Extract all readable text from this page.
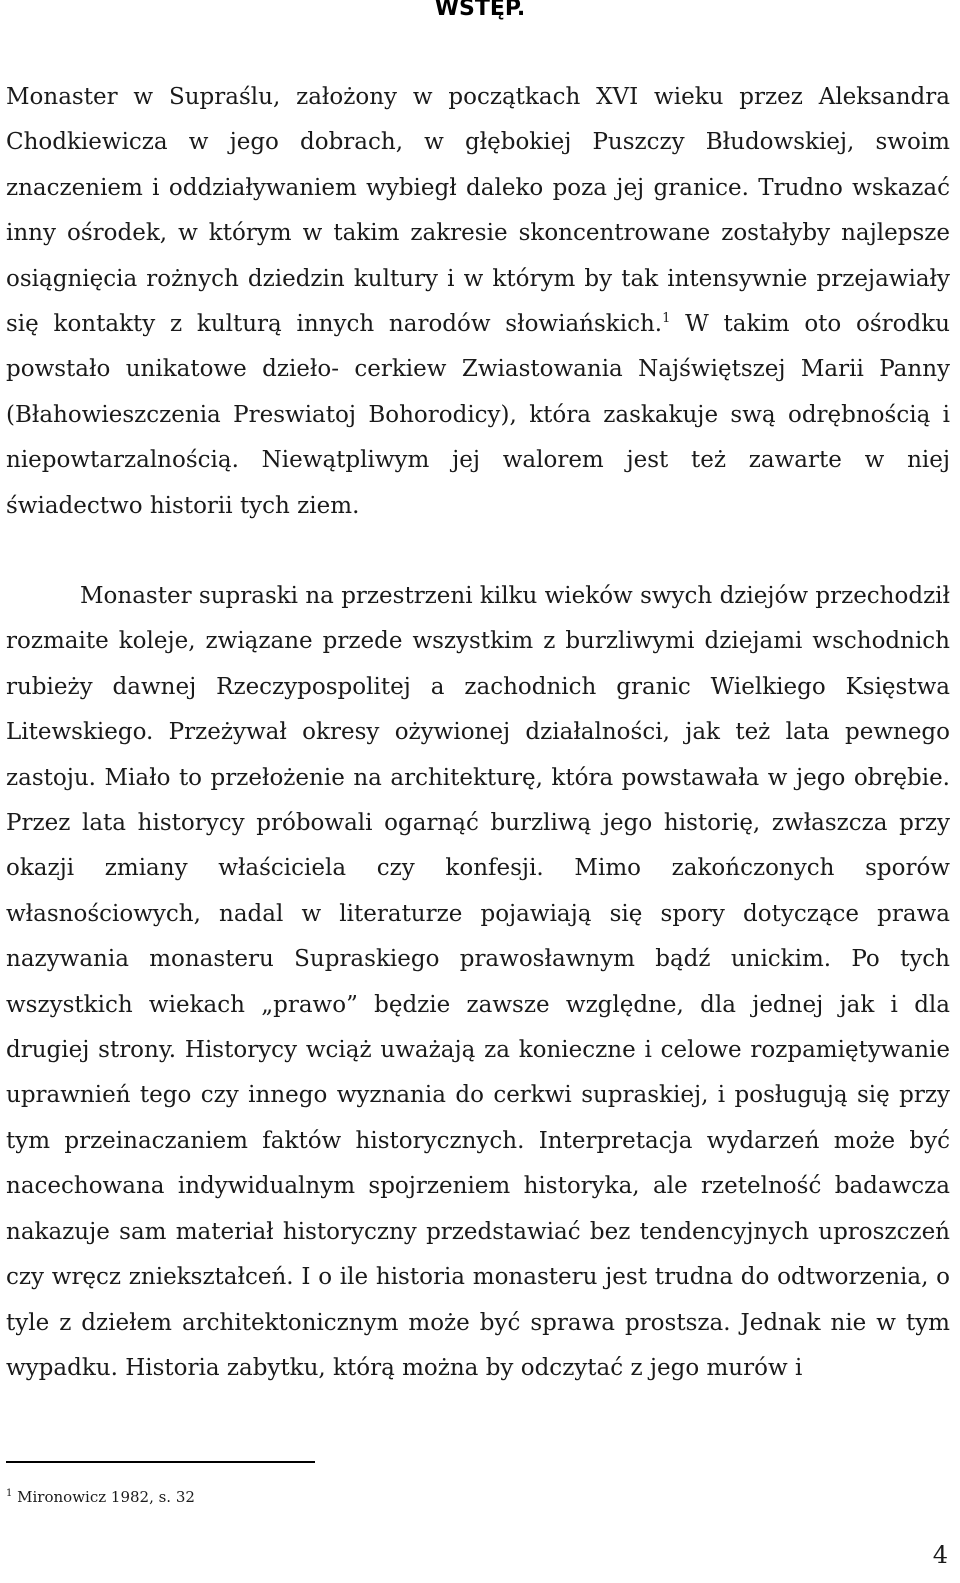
WSTĘP.

Monaster w Supraślu, założony w początkach XVI wieku przez Aleksandra Chodkiewicza w jego dobrach, w głębokiej Puszczy Błudowskiej, swoim znaczeniem i oddziaływaniem wybiegł daleko poza jej granice. Trudno wskazać inny ośrodek, w którym w takim zakresie skoncentrowane zostałyby najlepsze osiągnięcia rożnych dziedzin kultury i w którym by tak intensywnie przejawiały się kontakty z kulturą innych narodów słowiańskich.$^1$ W takim oto ośrodku powstało unikatowe dzieło- cerkiew Zwiastowania Najświętszej Marii Panny (Błahowieszczenia Preswiatoj Bohorodicy), która zaskakuje swą odrębnością i niepowtarzalnością. Niewątpliwym jej walorem jest też zawarte w niej świadectwo historii tych ziem.

Monaster supraski na przestrzeni kilku wieków swych dziejów przechodził rozmaite koleje, związane przede wszystkim z burzliwymi dziejami wschodnich rubieży dawnej Rzeczypospolitej a zachodnich granic Wielkiego Księstwa Litewskiego. Przeżywał okresy ożywionej działalności, jak też lata pewnego zastoju. Miało to przełożenie na architekturę, która powstawała w jego obrębie. Przez lata historycy próbowali ogarnąć burzliwą jego historię, zwłaszcza przy okazji zmiany właściciela czy konfesji. Mimo zakończonych sporów własnościowych, nadal w literaturze pojawiają się spory dotyczące prawa nazywania monasteru Supraskiego prawosławnym bądź unickim. Po tych wszystkich wiekach „prawo” będzie zawsze względne, dla jednej jak i dla drugiej strony. Historycy wciąż uważają za konieczne i celowe rozpamiętywanie uprawnień tego czy innego wyznania do cerkwi supraskiej, i posługują się przy tym przeinaczaniem faktów historycznych. Interpretacja wydarzeń może być nacechowana indywidualnym spojrzeniem historyka, ale rzetelność badawcza nakazuje sam materiał historyczny przedstawiać bez tendencyjnych uproszczeń czy wręcz zniekształceń. I o ile historia monasteru jest trudna do odtworzenia, o tyle z dziełem architektonicznym może być sprawa prostsza. Jednak nie w tym wypadku. Historia zabytku, którą można by odczytać z jego murów i

$^1$ Mironowicz 1982, s. 32
4
